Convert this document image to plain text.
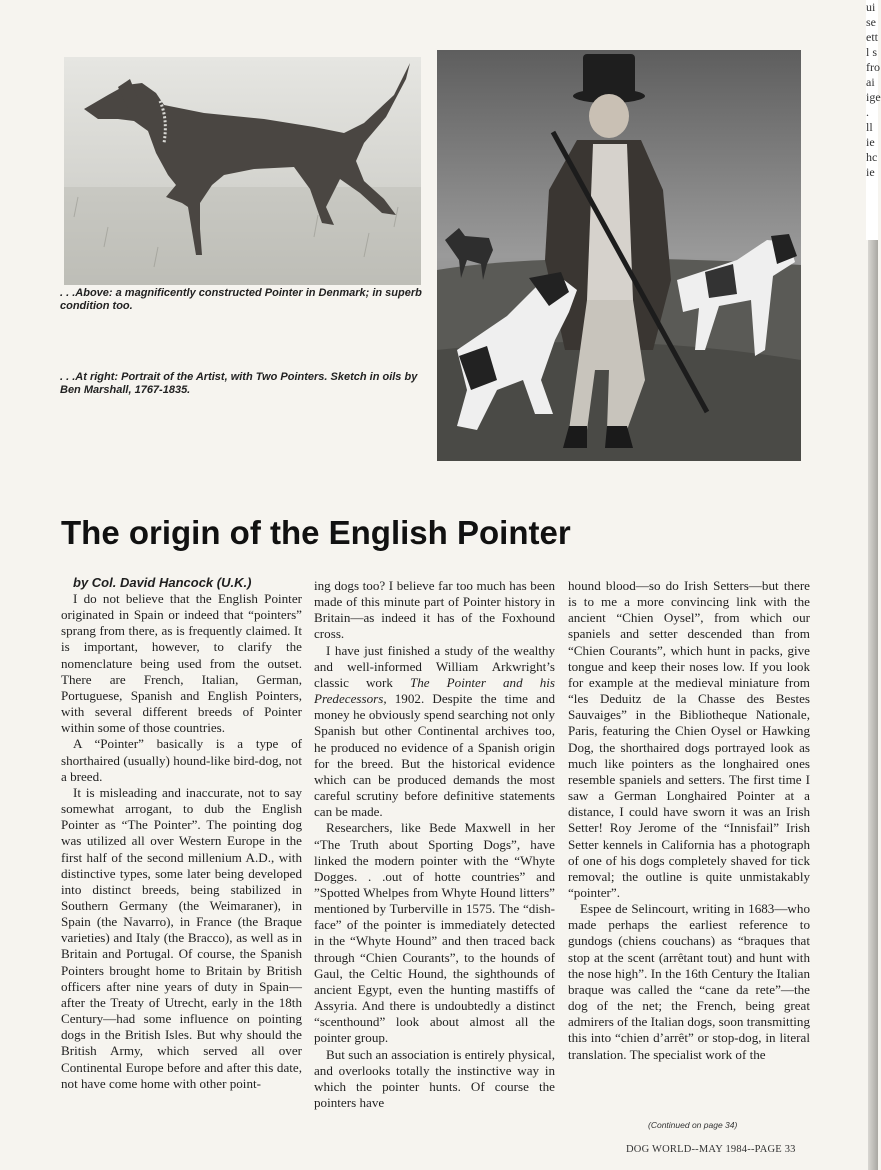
ui
se
ett
l s
fro
ai
ige
.
ll
ie
hc
ie
. . .Above: a magnificently constructed Pointer in Denmark; in superb condition too.
. . .At right: Portrait of the Artist, with Two Pointers. Sketch in oils by Ben Marshall, 1767-1835.
The origin of the English Pointer

by Col. David Hancock (U.K.)

I do not believe that the English Pointer originated in Spain or indeed that “pointers” sprang from there, as is frequently claimed. It is important, however, to clarify the nomenclature being used from the outset. There are French, Italian, German, Portuguese, Spanish and English Pointers, with several different breeds of Pointer within some of those countries.

A “Pointer” basically is a type of shorthaired (usually) hound-like bird-dog, not a breed.

It is misleading and inaccurate, not to say somewhat arrogant, to dub the English Pointer as “The Pointer”. The pointing dog was utilized all over Western Europe in the first half of the second millenium A.D., with distinctive types, some later being developed into distinct breeds, being stabilized in Southern Germany (the Weimaraner), in Spain (the Navarro), in France (the Braque varieties) and Italy (the Bracco), as well as in Britain and Portugal. Of course, the Spanish Pointers brought home to Britain by British officers after nine years of duty in Spain—after the Treaty of Utrecht, early in the 18th Century—had some influence on pointing dogs in the British Isles. But why should the British Army, which served all over Continental Europe before and after this date, not have come home with other point-

ing dogs too? I believe far too much has been made of this minute part of Pointer history in Britain—as indeed it has of the Foxhound cross.

I have just finished a study of the wealthy and well-informed William Arkwright’s classic work The Pointer and his Predecessors, 1902. Despite the time and money he obviously spend searching not only Spanish but other Continental archives too, he produced no evidence of a Spanish origin for the breed. But the historical evidence which can be produced demands the most careful scrutiny before definitive statements can be made.

Researchers, like Bede Maxwell in her “The Truth about Sporting Dogs”, have linked the modern pointer with the “Whyte Dogges. . .out of hotte countries” and ”Spotted Whelpes from Whyte Hound litters” mentioned by Turberville in 1575. The “dish-face” of the pointer is immediately detected in the “Whyte Hound” and then traced back through “Chien Courants”, to the hounds of Gaul, the Celtic Hound, the sighthounds of ancient Egypt, even the hunting mastiffs of Assyria. And there is undoubtedly a distinct “scenthound” look about almost all the pointer group.

But such an association is entirely physical, and overlooks totally the instinctive way in which the pointer hunts. Of course the pointers have

hound blood—so do Irish Setters—but there is to me a more convincing link with the ancient “Chien Oysel”, from which our spaniels and setter descended than from “Chien Courants”, which hunt in packs, give tongue and keep their noses low. If you look for example at the medieval miniature from “les Deduitz de la Chasse des Bestes Sauvaiges” in the Bibliotheque Nationale, Paris, featuring the Chien Oysel or Hawking Dog, the shorthaired dogs portrayed look as much like pointers as the longhaired ones resemble spaniels and setters. The first time I saw a German Longhaired Pointer at a distance, I could have sworn it was an Irish Setter! Roy Jerome of the “Innisfail” Irish Setter kennels in California has a photograph of one of his dogs completely shaved for tick removal; the outline is quite unmistakably “pointer”.

Espee de Selincourt, writing in 1683—who made perhaps the earliest reference to gundogs (chiens couchans) as “braques that stop at the scent (arrêtant tout) and hunt with the nose high”. In the 16th Century the Italian braque was called the “cane da rete”—the dog of the net; the French, being great admirers of the Italian dogs, soon transmitting this into “chien d’arrêt” or stop-dog, in literal translation. The specialist work of the

(Continued on page 34)
DOG WORLD--MAY 1984--PAGE 33
